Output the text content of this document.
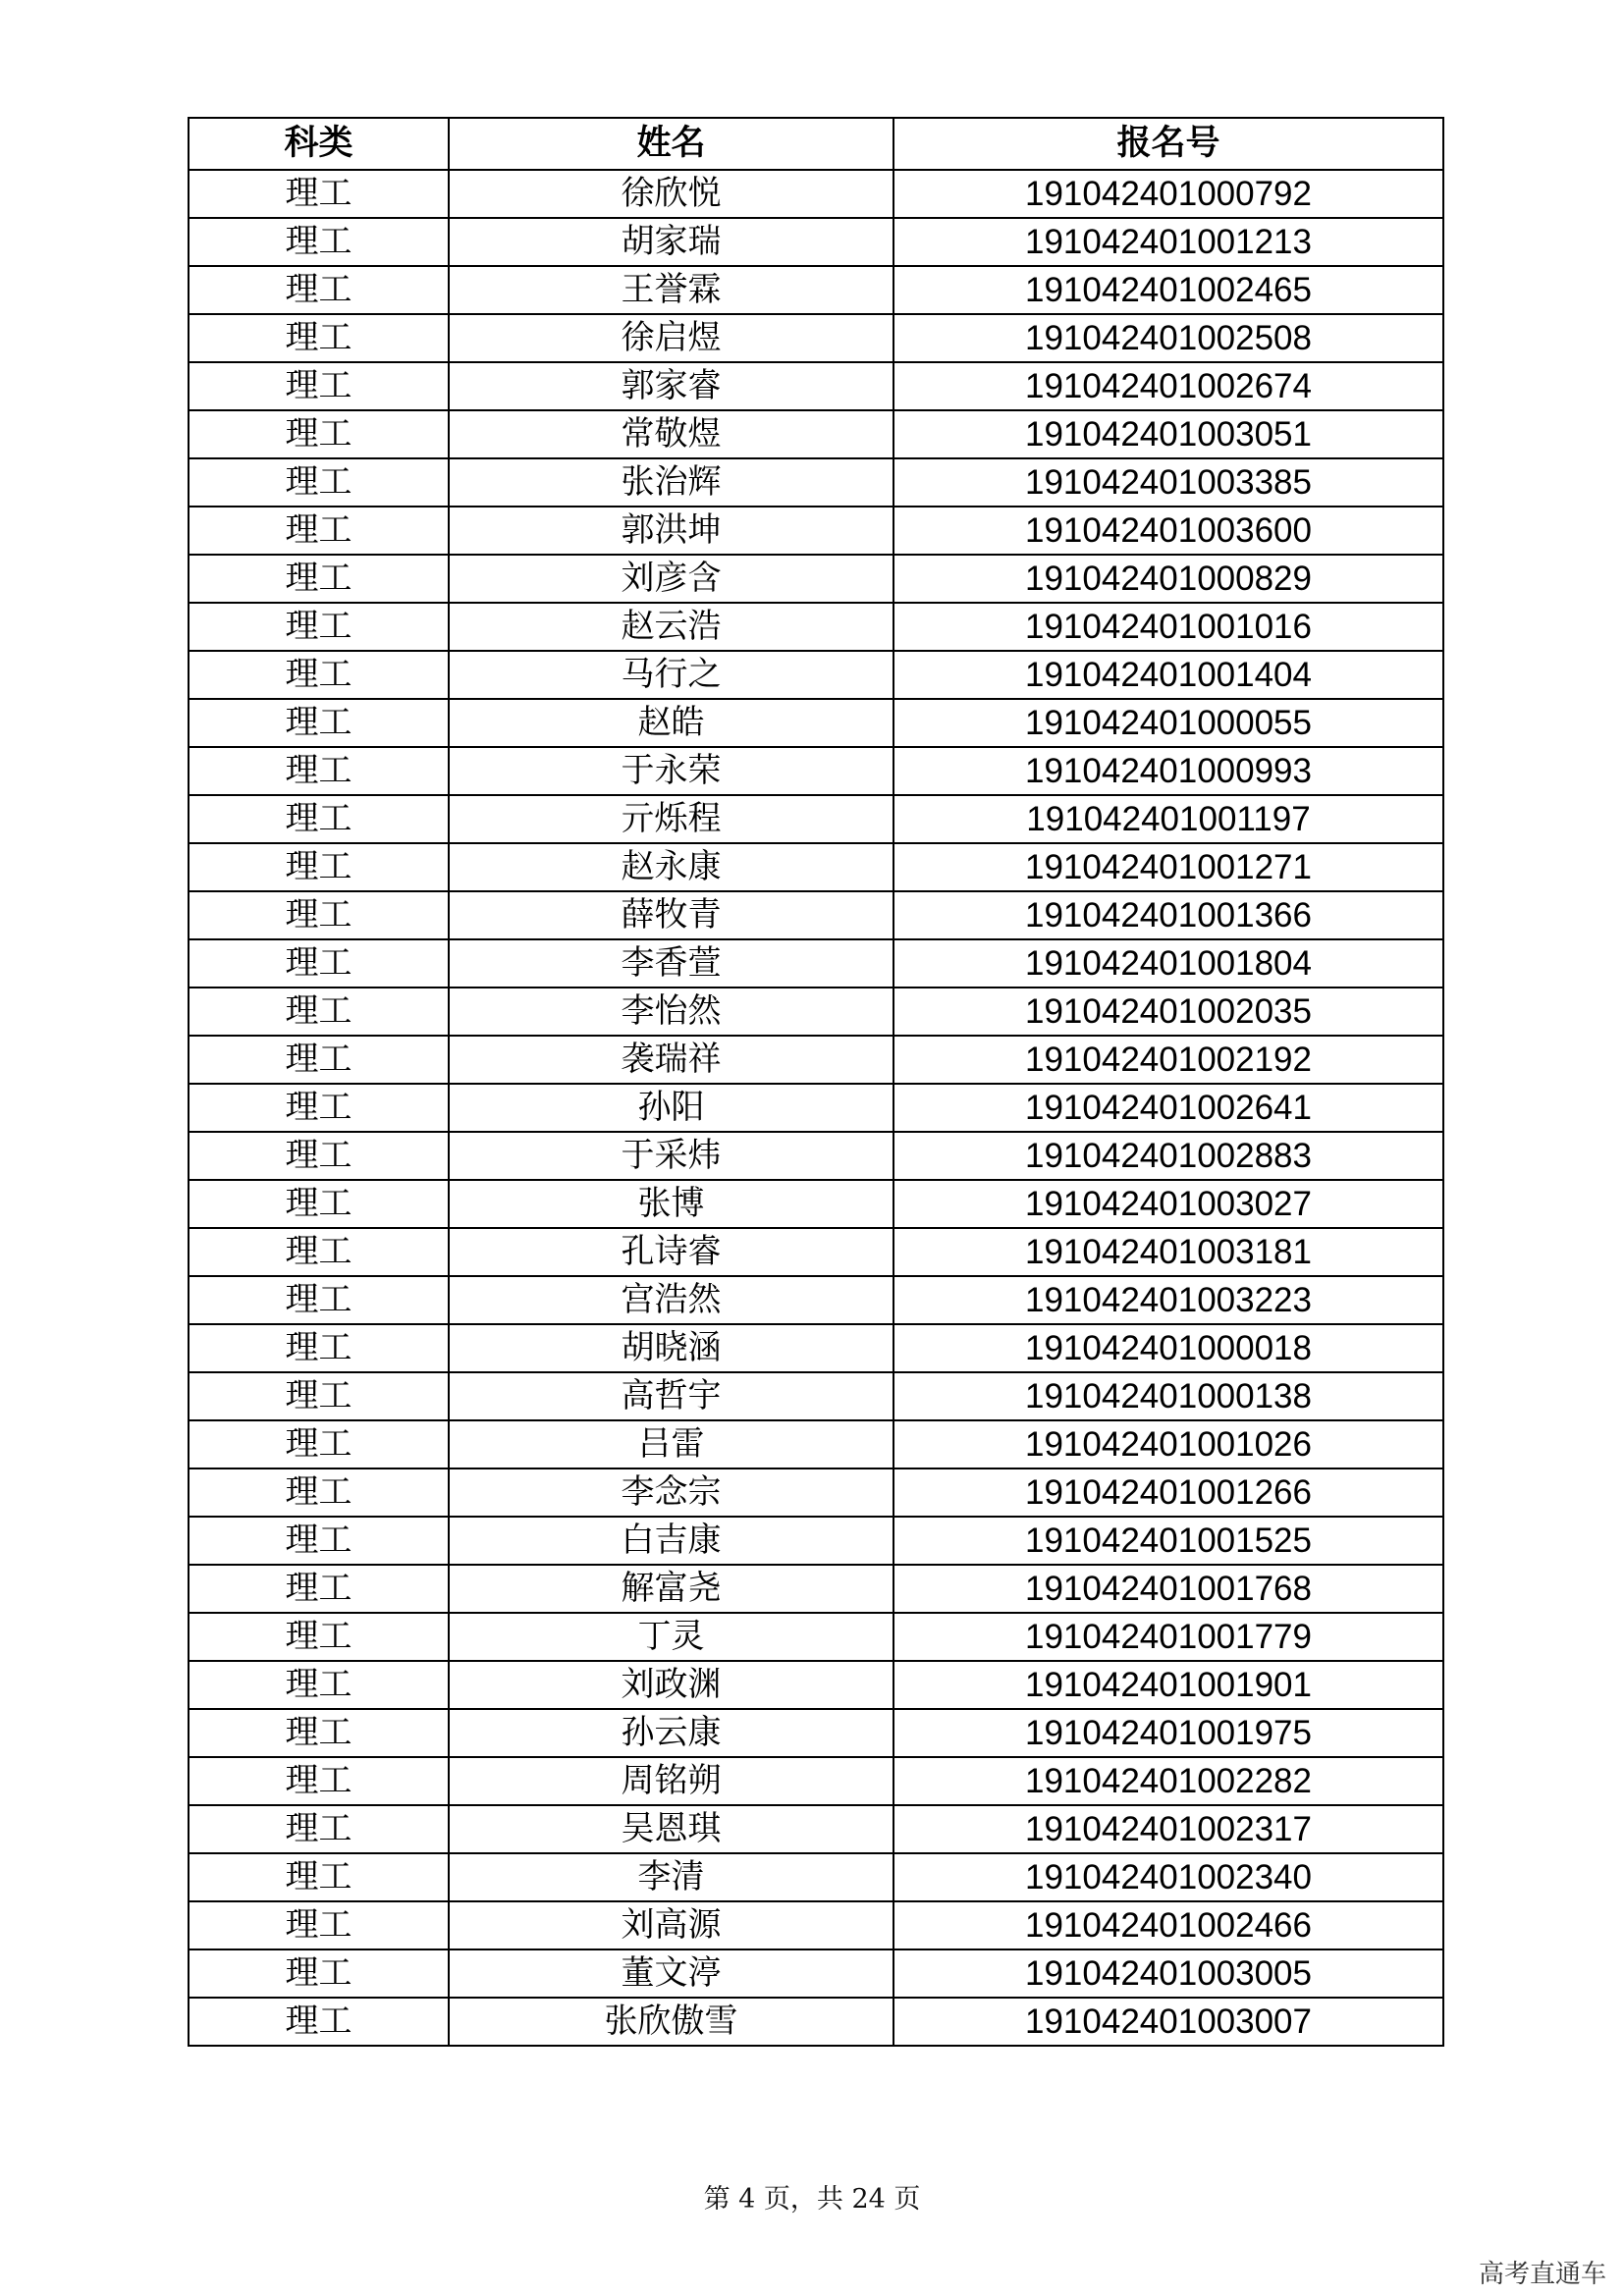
科类	姓名	报名号
理工	徐欣悦	191042401000792
理工	胡家瑞	191042401001213
理工	王誉霖	191042401002465
理工	徐启煜	191042401002508
理工	郭家睿	191042401002674
理工	常敬煜	191042401003051
理工	张治辉	191042401003385
理工	郭洪坤	191042401003600
理工	刘彦含	191042401000829
理工	赵云浩	191042401001016
理工	马行之	191042401001404
理工	赵皓	191042401000055
理工	于永荣	191042401000993
理工	亓烁程	191042401001197
理工	赵永康	191042401001271
理工	薛牧青	191042401001366
理工	李香萱	191042401001804
理工	李怡然	191042401002035
理工	袭瑞祥	191042401002192
理工	孙阳	191042401002641
理工	于采炜	191042401002883
理工	张博	191042401003027
理工	孔诗睿	191042401003181
理工	宫浩然	191042401003223
理工	胡晓涵	191042401000018
理工	高哲宇	191042401000138
理工	吕雷	191042401001026
理工	李念宗	191042401001266
理工	白吉康	191042401001525
理工	解富尧	191042401001768
理工	丁灵	191042401001779
理工	刘政渊	191042401001901
理工	孙云康	191042401001975
理工	周铭朔	191042401002282
理工	吴恩琪	191042401002317
理工	李清	191042401002340
理工	刘高源	191042401002466
理工	董文渟	191042401003005
理工	张欣傲雪	191042401003007
第 4 页，共 24 页
高考直通车
